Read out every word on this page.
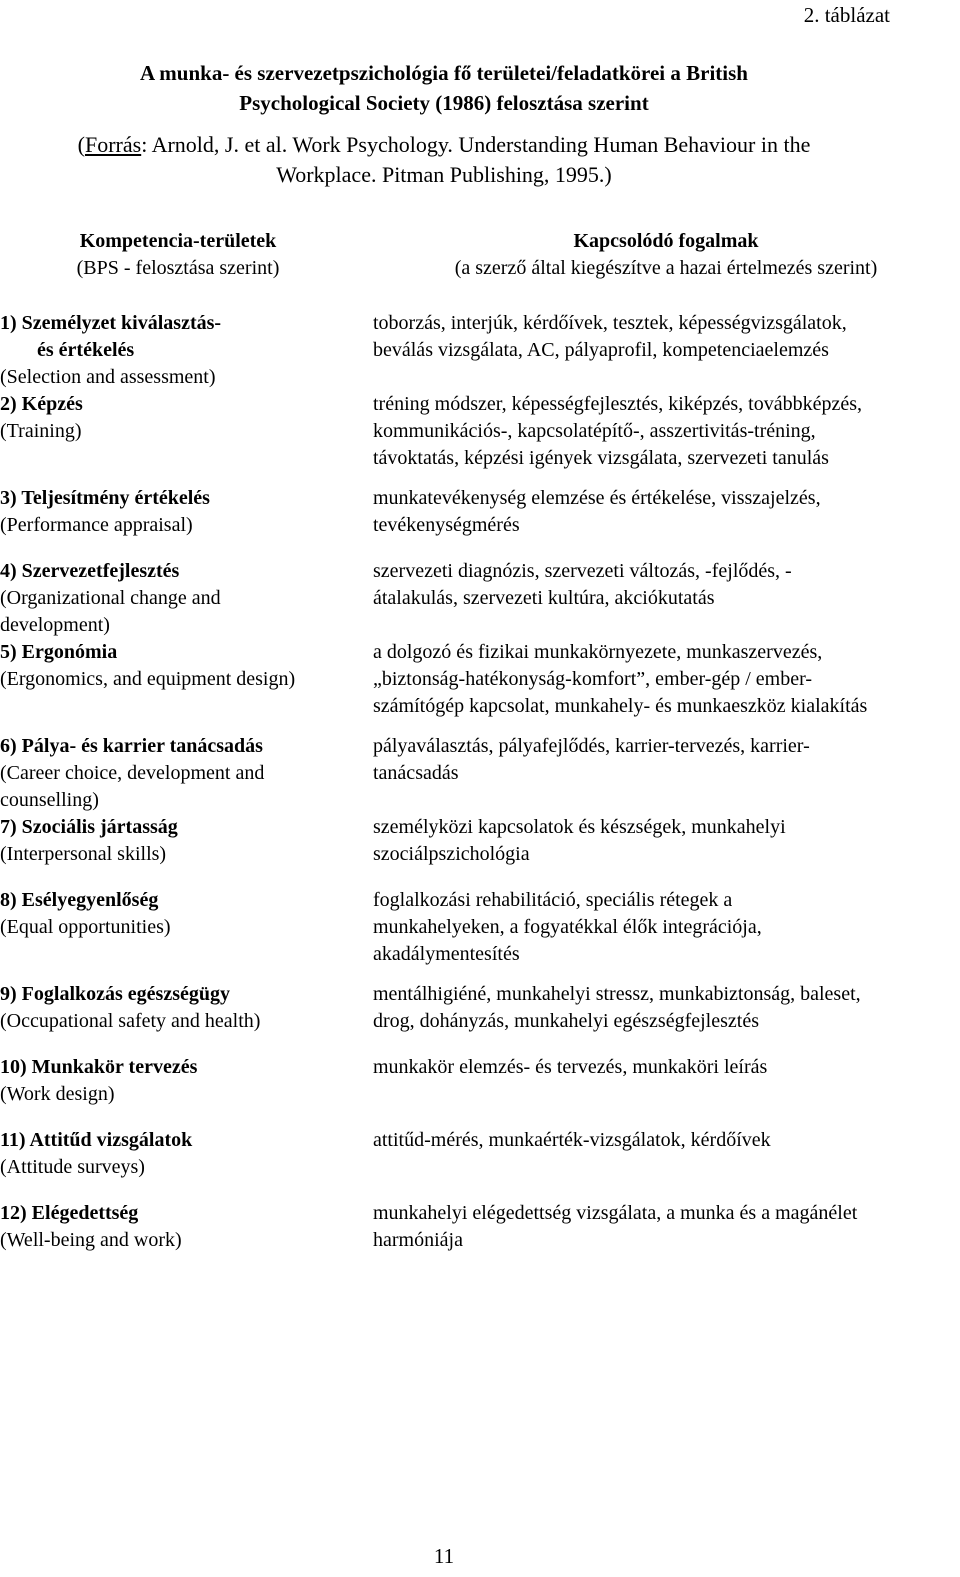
2. táblázat
A munka- és szervezetpszichológia fő területei/feladatkörei a British
Psychological Society (1986) felosztása szerint
(Forrás: Arnold, J. et al. Work Psychology. Understanding Human Behaviour in the
Workplace. Pitman Publishing, 1995.)
Kompetencia-területek
(BPS - felosztása szerint)
Kapcsolódó fogalmak
(a szerző által kiegészítve a hazai értelmezés szerint)
1) Személyzet kiválasztás-
és értékelés
(Selection and assessment)
toborzás, interjúk, kérdőívek, tesztek, képességvizsgálatok,
beválás vizsgálata, AC, pályaprofil, kompetenciaelemzés
2) Képzés
(Training)
tréning módszer, képességfejlesztés, kiképzés, továbbképzés,
kommunikációs-, kapcsolatépítő-, asszertivitás-tréning,
távoktatás, képzési igények vizsgálata, szervezeti tanulás
3) Teljesítmény értékelés
(Performance appraisal)
munkatevékenység elemzése és értékelése, visszajelzés,
tevékenységmérés
4) Szervezetfejlesztés
(Organizational change and
development)
szervezeti diagnózis, szervezeti változás, -fejlődés, -
átalakulás, szervezeti kultúra, akciókutatás
5) Ergonómia
(Ergonomics, and equipment design)
a dolgozó és fizikai munkakörnyezete, munkaszervezés,
„biztonság-hatékonyság-komfort”, ember-gép / ember-
számítógép kapcsolat, munkahely- és munkaeszköz kialakítás
6) Pálya- és karrier tanácsadás
(Career choice, development and
counselling)
pályaválasztás, pályafejlődés, karrier-tervezés, karrier-
tanácsadás
7) Szociális jártasság
(Interpersonal skills)
személyközi kapcsolatok és készségek, munkahelyi
szociálpszichológia
8) Esélyegyenlőség
(Equal opportunities)
foglalkozási rehabilitáció, speciális rétegek a
munkahelyeken, a fogyatékkal élők integrációja,
akadálymentesítés
9) Foglalkozás egészségügy
(Occupational safety and health)
mentálhigiéné, munkahelyi stressz, munkabiztonság, baleset,
drog, dohányzás, munkahelyi egészségfejlesztés
10) Munkakör tervezés
(Work design)
munkakör elemzés- és tervezés, munkaköri leírás
11) Attitűd vizsgálatok
(Attitude surveys)
attitűd-mérés, munkaérték-vizsgálatok, kérdőívek
12) Elégedettség
(Well-being and work)
munkahelyi elégedettség vizsgálata, a munka és a magánélet
harmóniája
11
